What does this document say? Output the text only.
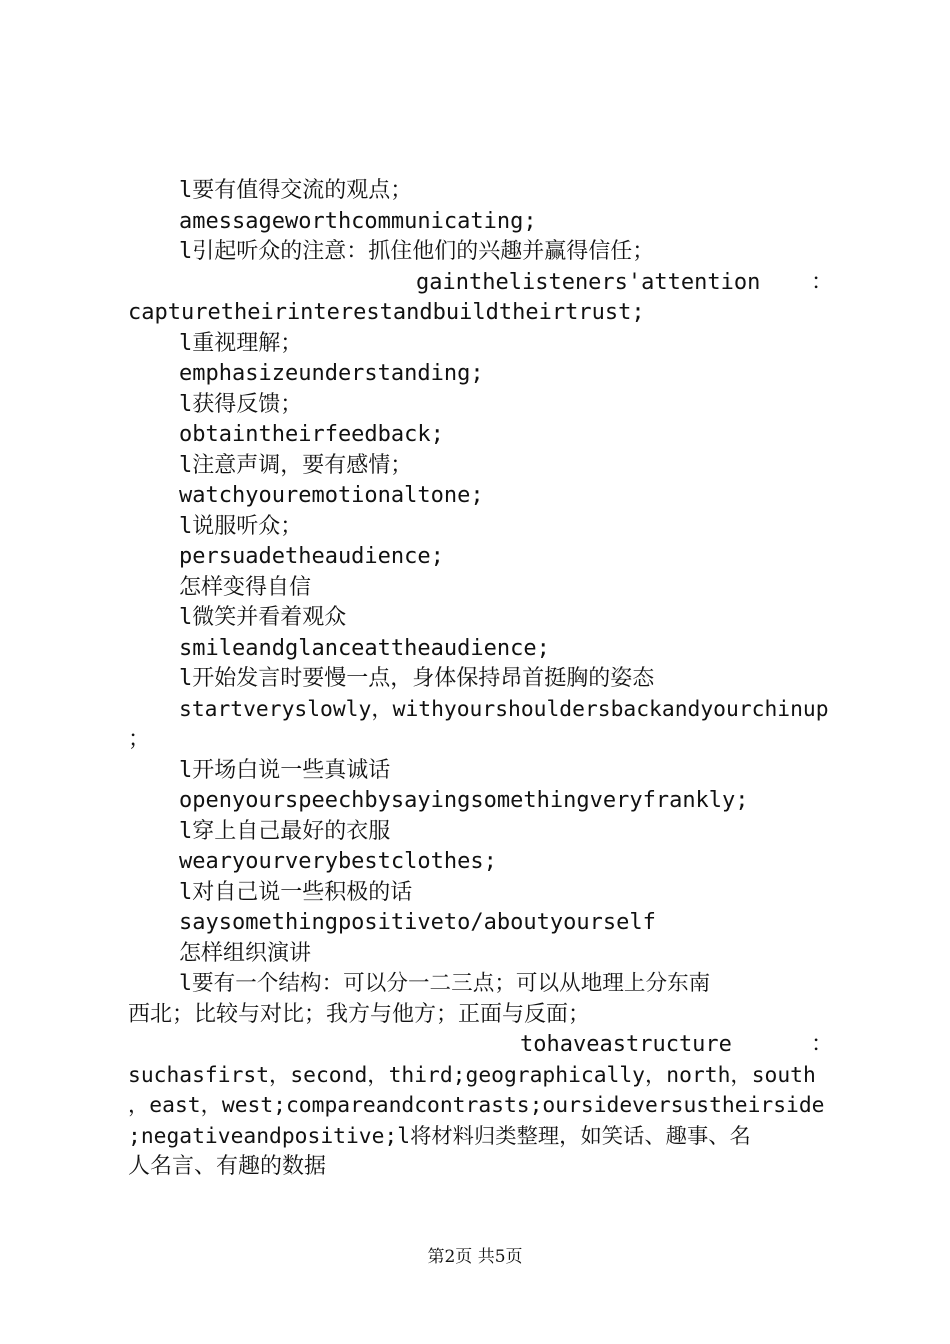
l要有值得交流的观点；
amessageworthcommunicating;
l引起听众的注意：抓住他们的兴趣并赢得信任；
gainthelisteners'attention ：
capturetheirinterestandbuildtheirtrust;
l重视理解；
emphasizeunderstanding;
l获得反馈；
obtaintheirfeedback;
l注意声调，要有感情；
watchyouremotionaltone;
l说服听众；
persuadetheaudience;
怎样变得自信
l微笑并看着观众
smileandglanceattheaudience;
l开始发言时要慢一点，身体保持昂首挺胸的姿态
startveryslowly，withyourshouldersbackandyourchinup
；
l开场白说一些真诚话
openyourspeechbysayingsomethingveryfrankly;
l穿上自己最好的衣服
wearyourverybestclothes;
l对自己说一些积极的话
saysomethingpositiveto/aboutyourself
怎样组织演讲
l要有一个结构：可以分一二三点；可以从地理上分东南
西北；比较与对比；我方与他方；正面与反面；
tohaveastructure	：
suchasfirst，second，third;geographically，north，south
，east，west;compareandcontrasts;oursideversustheirside
;negativeandpositive;l将材料归类整理，如笑话、趣事、名
人名言、有趣的数据
第2页 共5页
